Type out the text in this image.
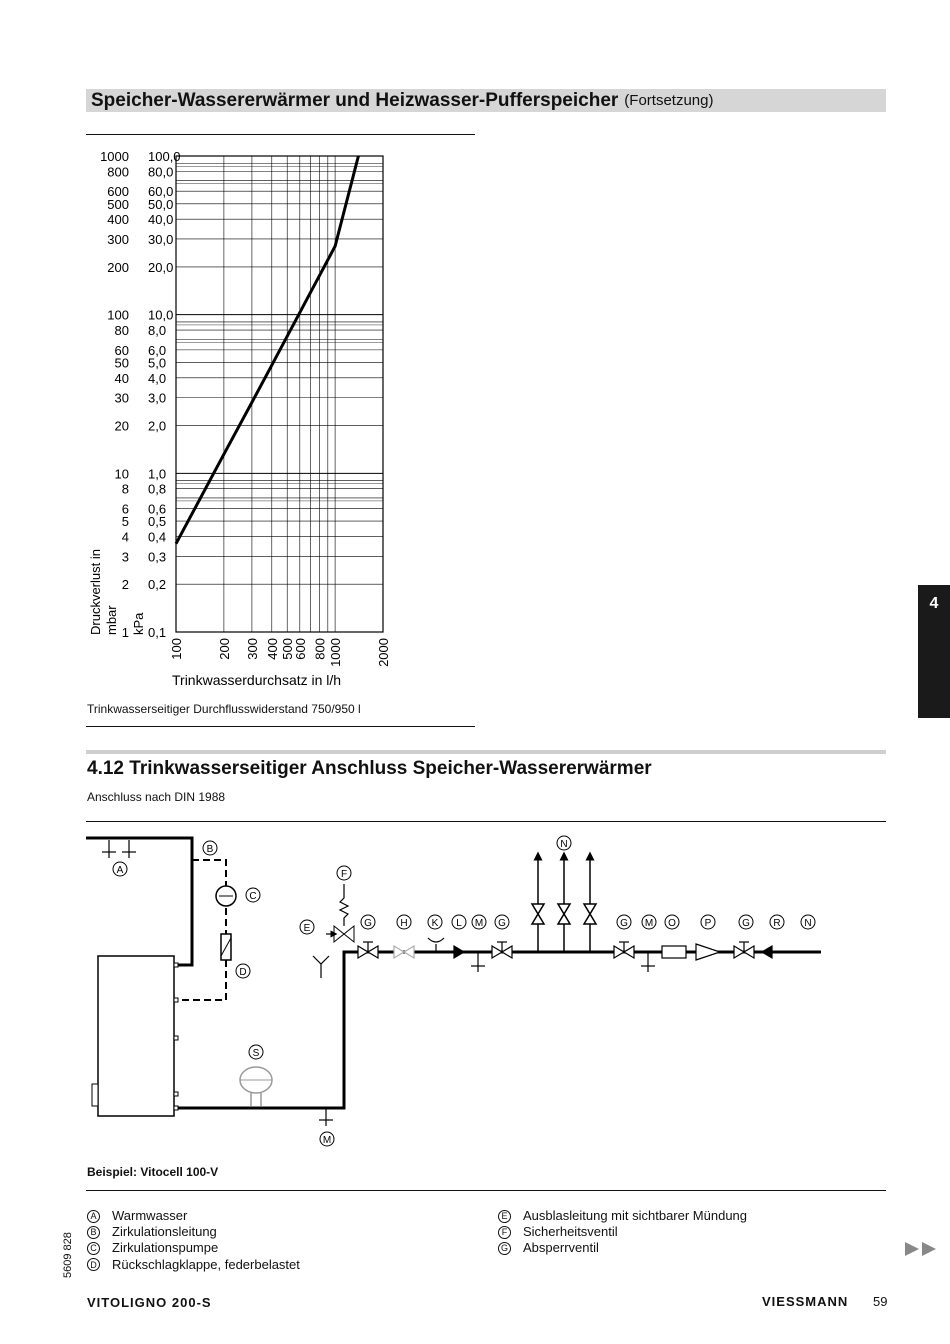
Speicher-Wassererwärmer und Heizwasser-Pufferspeicher (Fortsetzung)
1000
800
600
500
400
300
200
100
80
60
50
40
30
20
10
8
6
5
4
3
2
1
100,0
80,0
60,0
50,0
40,0
30,0
20,0
10,0
8,0
6,0
5,0
4,0
3,0
2,0
1,0
0,8
0,6
0,5
0,4
0,3
0,2
0,1
100	200 300 400 500
600 800 1000	2000
Druckverlust in mbar kPa
Trinkwasserdurchsatz in l/h
Trinkwasserseitiger Durchflusswiderstand 750/950 l
4.12 Trinkwasserseitiger Anschluss Speicher-Wassererwärmer
Anschluss nach DIN 1988
A
B
C
D
E
F
G	H K L M G
N
G M O	P	G R N
S
M
Beispiel: Vitocell 100-V
A Warmwasser
B Zirkulationsleitung
C Zirkulationspumpe
D Rückschlagklappe, federbelastet
E Ausblasleitung mit sichtbarer Mündung
F Sicherheitsventil
G Absperrventil
5609 828
4
VITOLIGNO 200-S	VIESSMANN 59
